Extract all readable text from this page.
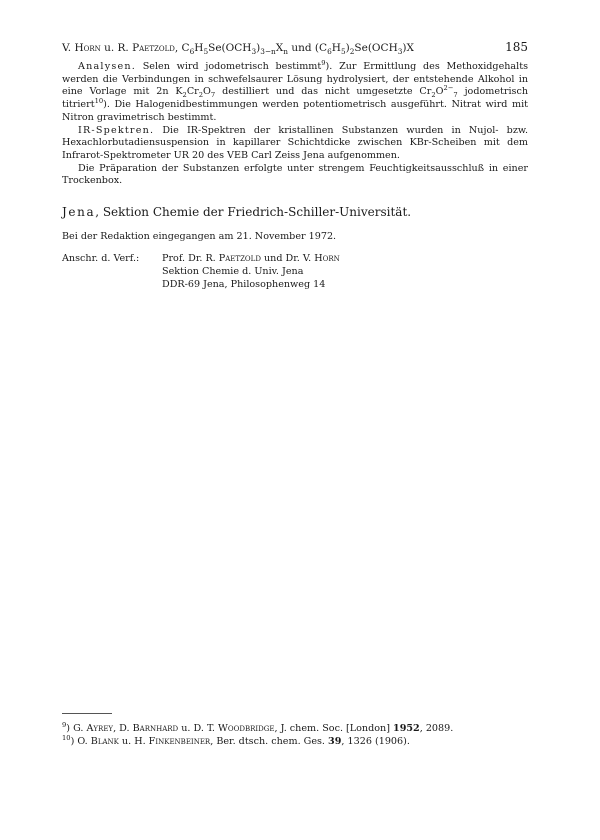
V. Horn u. R. Paetzold, $C_6H_5Se(OCH_3)_{3-n}X_n$ und $(C_6H_5)_2Se(OCH_3)X$	185

Analysen. Selen wird jodometrisch bestimmt$^9$). Zur Ermittlung des Methoxidgehalts werden die Verbindungen in schwefelsaurer Lösung hydrolysiert, der entstehende Alkohol in eine Vorlage mit 2n $K_2Cr_2O_7$ destilliert und das nicht umgesetzte $Cr_2O^{2-}_7$ jodometrisch titriert$^{10}$). Die Halogenidbestimmungen werden potentiometrisch ausgeführt. Nitrat wird mit Nitron gravimetrisch bestimmt.

IR-Spektren. Die IR-Spektren der kristallinen Substanzen wurden in Nujol- bzw. Hexachlorbutadiensuspension in kapillarer Schichtdicke zwischen KBr-Scheiben mit dem Infrarot-Spektrometer UR 20 des VEB Carl Zeiss Jena aufgenommen.

Die Präparation der Substanzen erfolgte unter strengem Feuchtigkeitsausschluß in einer Trockenbox.

Jena, Sektion Chemie der Friedrich-Schiller-Universität.
Bei der Redaktion eingegangen am 21. November 1972.
Anschr. d. Verf.:	Prof. Dr. R. Paetzold und Dr. V. Horn
Sektion Chemie d. Univ. Jena
DDR-69 Jena, Philosophenweg 14
$^9$) G. Ayrey, D. Barnhard u. D. T. Woodbridge, J. chem. Soc. [London] 1952, 2089.
$^{10}$) O. Blank u. H. Finkenbeiner, Ber. dtsch. chem. Ges. 39, 1326 (1906).
